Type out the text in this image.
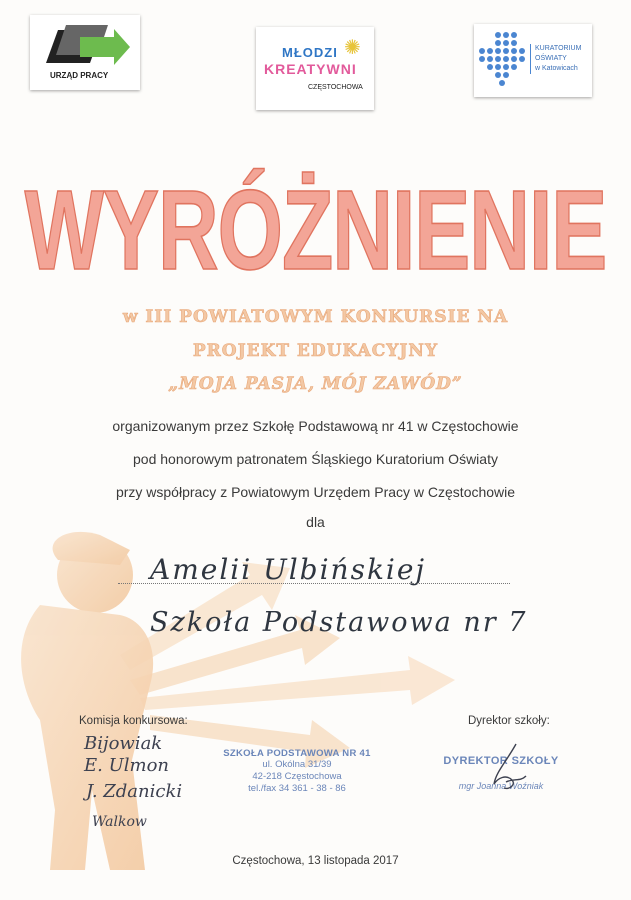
URZĄD PRACY
✺
MŁODZI
KREATYWNI
CZĘSTOCHOWA
KURATORIUM
OŚWIATY
w Katowicach
WYRÓŻNIENIE
w III POWIATOWYM KONKURSIE NA
PROJEKT EDUKACYJNY
„MOJA PASJA, MÓJ ZAWÓD”
organizowanym przez Szkołę Podstawową nr 41 w Częstochowie
pod honorowym patronatem Śląskiego Kuratorium Oświaty
przy współpracy z Powiatowym Urzędem Pracy w Częstochowie
dla
Amelii Ulbińskiej
Szkoła Podstawowa nr 7
Komisja konkursowa:	Dyrektor szkoły:
Bijowiak
E. Ulmon
J. Zdanicki
Walkow
SZKOŁA PODSTAWOWA NR 41
ul. Okólna 31/39
42-218 Częstochowa
tel./fax 34 361 - 38 - 86
DYREKTOR SZKOŁY
mgr Joanna Woźniak
Częstochowa, 13 listopada 2017
